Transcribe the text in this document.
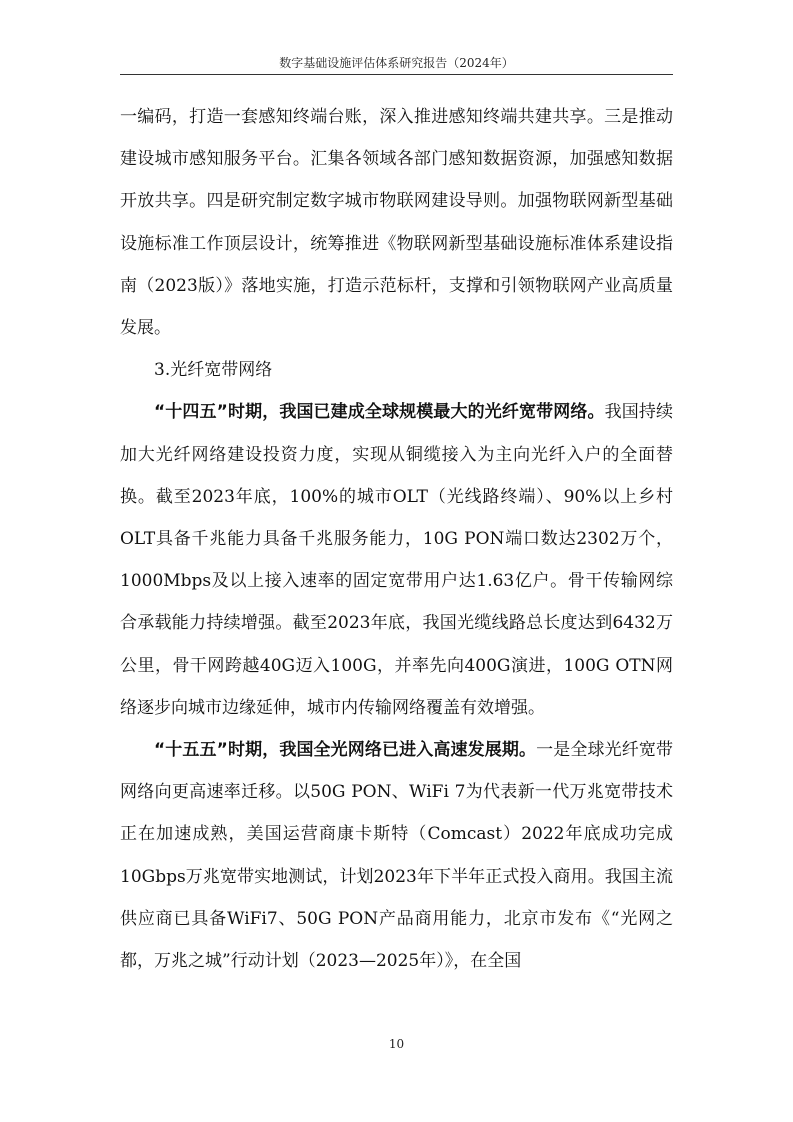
数字基础设施评估体系研究报告（2024年）

一编码，打造一套感知终端台账，深入推进感知终端共建共享。三是推动建设城市感知服务平台。汇集各领域各部门感知数据资源，加强感知数据开放共享。四是研究制定数字城市物联网建设导则。加强物联网新型基础设施标准工作顶层设计，统筹推进《物联网新型基础设施标准体系建设指南（2023版）》落地实施，打造示范标杆，支撑和引领物联网产业高质量发展。

3.光纤宽带网络

“十四五”时期，我国已建成全球规模最大的光纤宽带网络。我国持续加大光纤网络建设投资力度，实现从铜缆接入为主向光纤入户的全面替换。截至2023年底，100%的城市OLT（光线路终端）、90%以上乡村OLT具备千兆能力具备千兆服务能力，10G PON端口数达2302万个，1000Mbps及以上接入速率的固定宽带用户达1.63亿户。骨干传输网综合承载能力持续增强。截至2023年底，我国光缆线路总长度达到6432万公里，骨干网跨越40G迈入100G，并率先向400G演进，100G OTN网络逐步向城市边缘延伸，城市内传输网络覆盖有效增强。

“十五五”时期，我国全光网络已进入高速发展期。一是全球光纤宽带网络向更高速率迁移。以50G PON、WiFi 7为代表新一代万兆宽带技术正在加速成熟，美国运营商康卡斯特（Comcast）2022年底成功完成10Gbps万兆宽带实地测试，计划2023年下半年正式投入商用。我国主流供应商已具备WiFi7、50G PON产品商用能力，北京市发布《“光网之都，万兆之城”行动计划（2023—2025年）》，在全国

10
